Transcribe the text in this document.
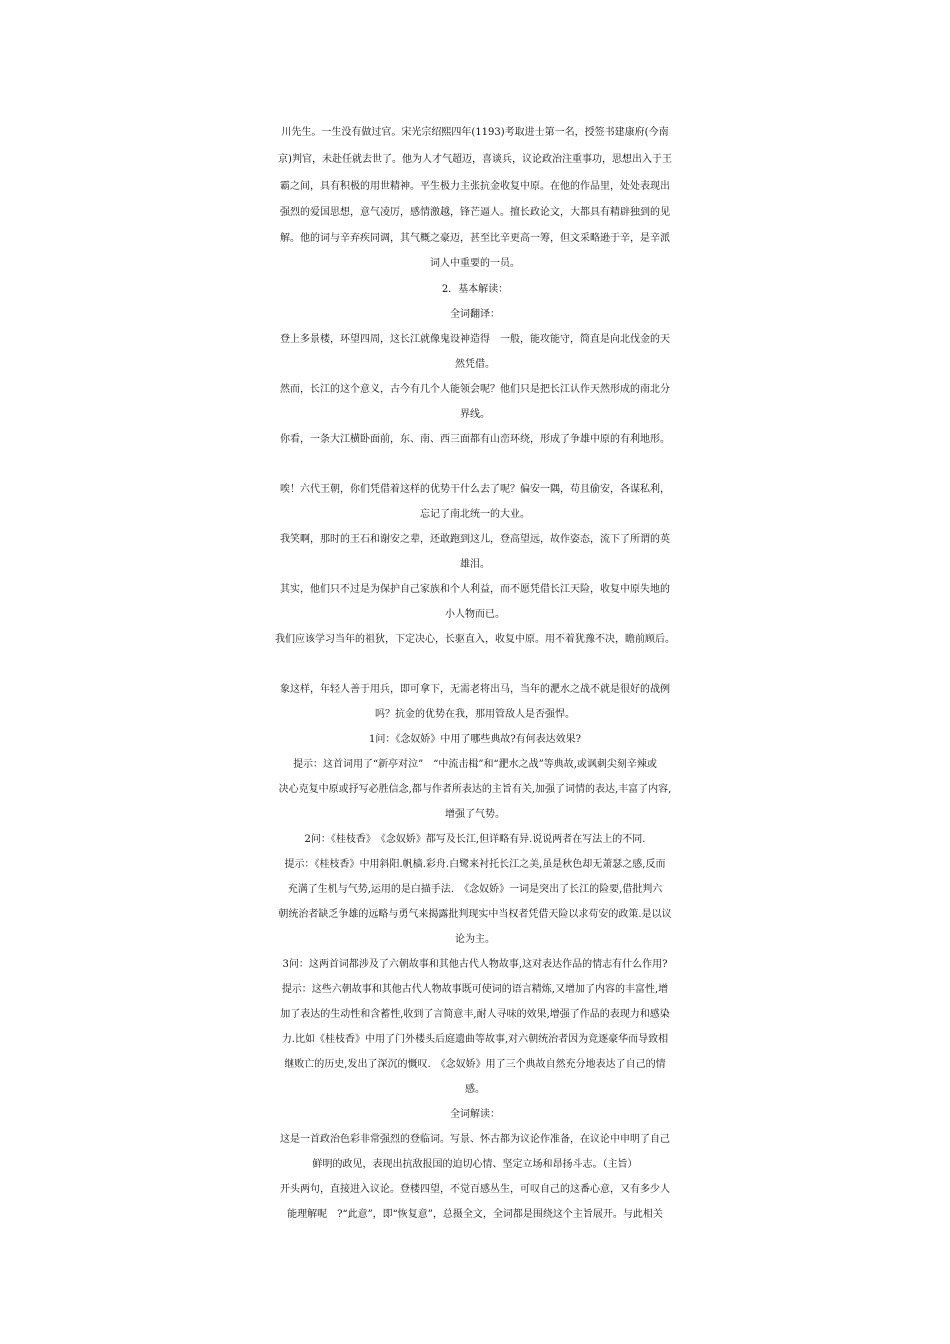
川先生。一生没有做过官。宋光宗绍熙四年(1193)考取进士第一名，授签书建康府(今南
京)判官，未赴任就去世了。他为人才气超迈，喜谈兵，议论政治注重事功，思想出入于王
霸之间，具有积极的用世精神。平生极力主张抗金收复中原。在他的作品里，处处表现出
强烈的爱国思想，意气凌厉，感情激越，锋芒逼人。擅长政论文，大都具有精辟独到的见
解。他的词与辛弃疾同调，其气概之豪迈，甚至比辛更高一筹，但文采略逊于辛，是辛派
词人中重要的一员。
2．基本解读：
全词翻译：
登上多景楼，环望四周，这长江就像鬼设神造得　一般，能攻能守，简直是向北伐金的天
然凭借。
然而，长江的这个意义，古今有几个人能领会呢？他们只是把长江认作天然形成的南北分
界线。
你看，一条大江横卧面前，东、南、西三面都有山峦环绕，形成了争雄中原的有利地形。
唉！六代王朝，你们凭借着这样的优势干什么去了呢？偏安一隅，苟且偷安，各谋私利，
忘记了南北统一的大业。
我笑啊，那时的王石和谢安之辈，还敢跑到这儿，登高望远，故作姿态，流下了所谓的英
雄泪。
其实，他们只不过是为保护自己家族和个人利益，而不愿凭借长江天险，收复中原失地的
小人物而已。
我们应该学习当年的祖狄，下定决心，长驱直入，收复中原。用不着犹豫不决，瞻前顾后。
象这样，年轻人善于用兵，即可拿下，无需老将出马，当年的淝水之战不就是很好的战例
吗？抗金的优势在我，那用管敌人是否强悍。
1问：《念奴娇》中用了哪些典故?有何表达效果?
提示：这首词用了“新亭对泣”　“中流击楫”和“淝水之战”等典故,或讽刺尖刻辛辣或
决心克复中原或抒写必胜信念,都与作者所表达的主旨有关,加强了词情的表达,丰富了内容,
增强了气势。
2问：《桂枝香》　《念奴娇》都写及长江,但详略有异.说说两者在写法上的不同.
提示：《桂枝香》中用斜阳.帆樯.彩舟.白鹭来衬托长江之美,虽是秋色却无萧瑟之感,反而
充满了生机与气势,运用的是白描手法.　《念奴娇》一词是突出了长江的险要,借批判六
朝统治者缺乏争雄的远略与勇气来揭露批判现实中当权者凭借天险以求苟安的政策.是以议
论为主。
3问：这两首词都涉及了六朝故事和其他古代人物故事,这对表达作品的情志有什么作用?
提示：这些六朝故事和其他古代人物故事既可使词的语言精炼,又增加了内容的丰富性,增
加了表达的生动性和含蓄性,收到了言简意丰,耐人寻味的效果,增强了作品的表现力和感染
力.比如《桂枝香》中用了门外楼头后庭遗曲等故事,对六朝统治者因为竞逐豪华而导致相
继败亡的历史,发出了深沉的慨叹.　《念奴娇》用了三个典故自然充分地表达了自己的情
感。
全词解读：
这是一首政治色彩非常强烈的登临词。写景、怀古都为议论作准备，在议论中申明了自己
鲜明的政见，表现出抗敌报国的迫切心情、坚定立场和昂扬斗志。（主旨）
开头两句，直接进入议论。登楼四望，不觉百感丛生，可叹自己的这番心意，又有多少人
能理解呢　?“此意”，即“恢复意”，总摄全文，全词都是围绕这个主旨展开。与此相关
